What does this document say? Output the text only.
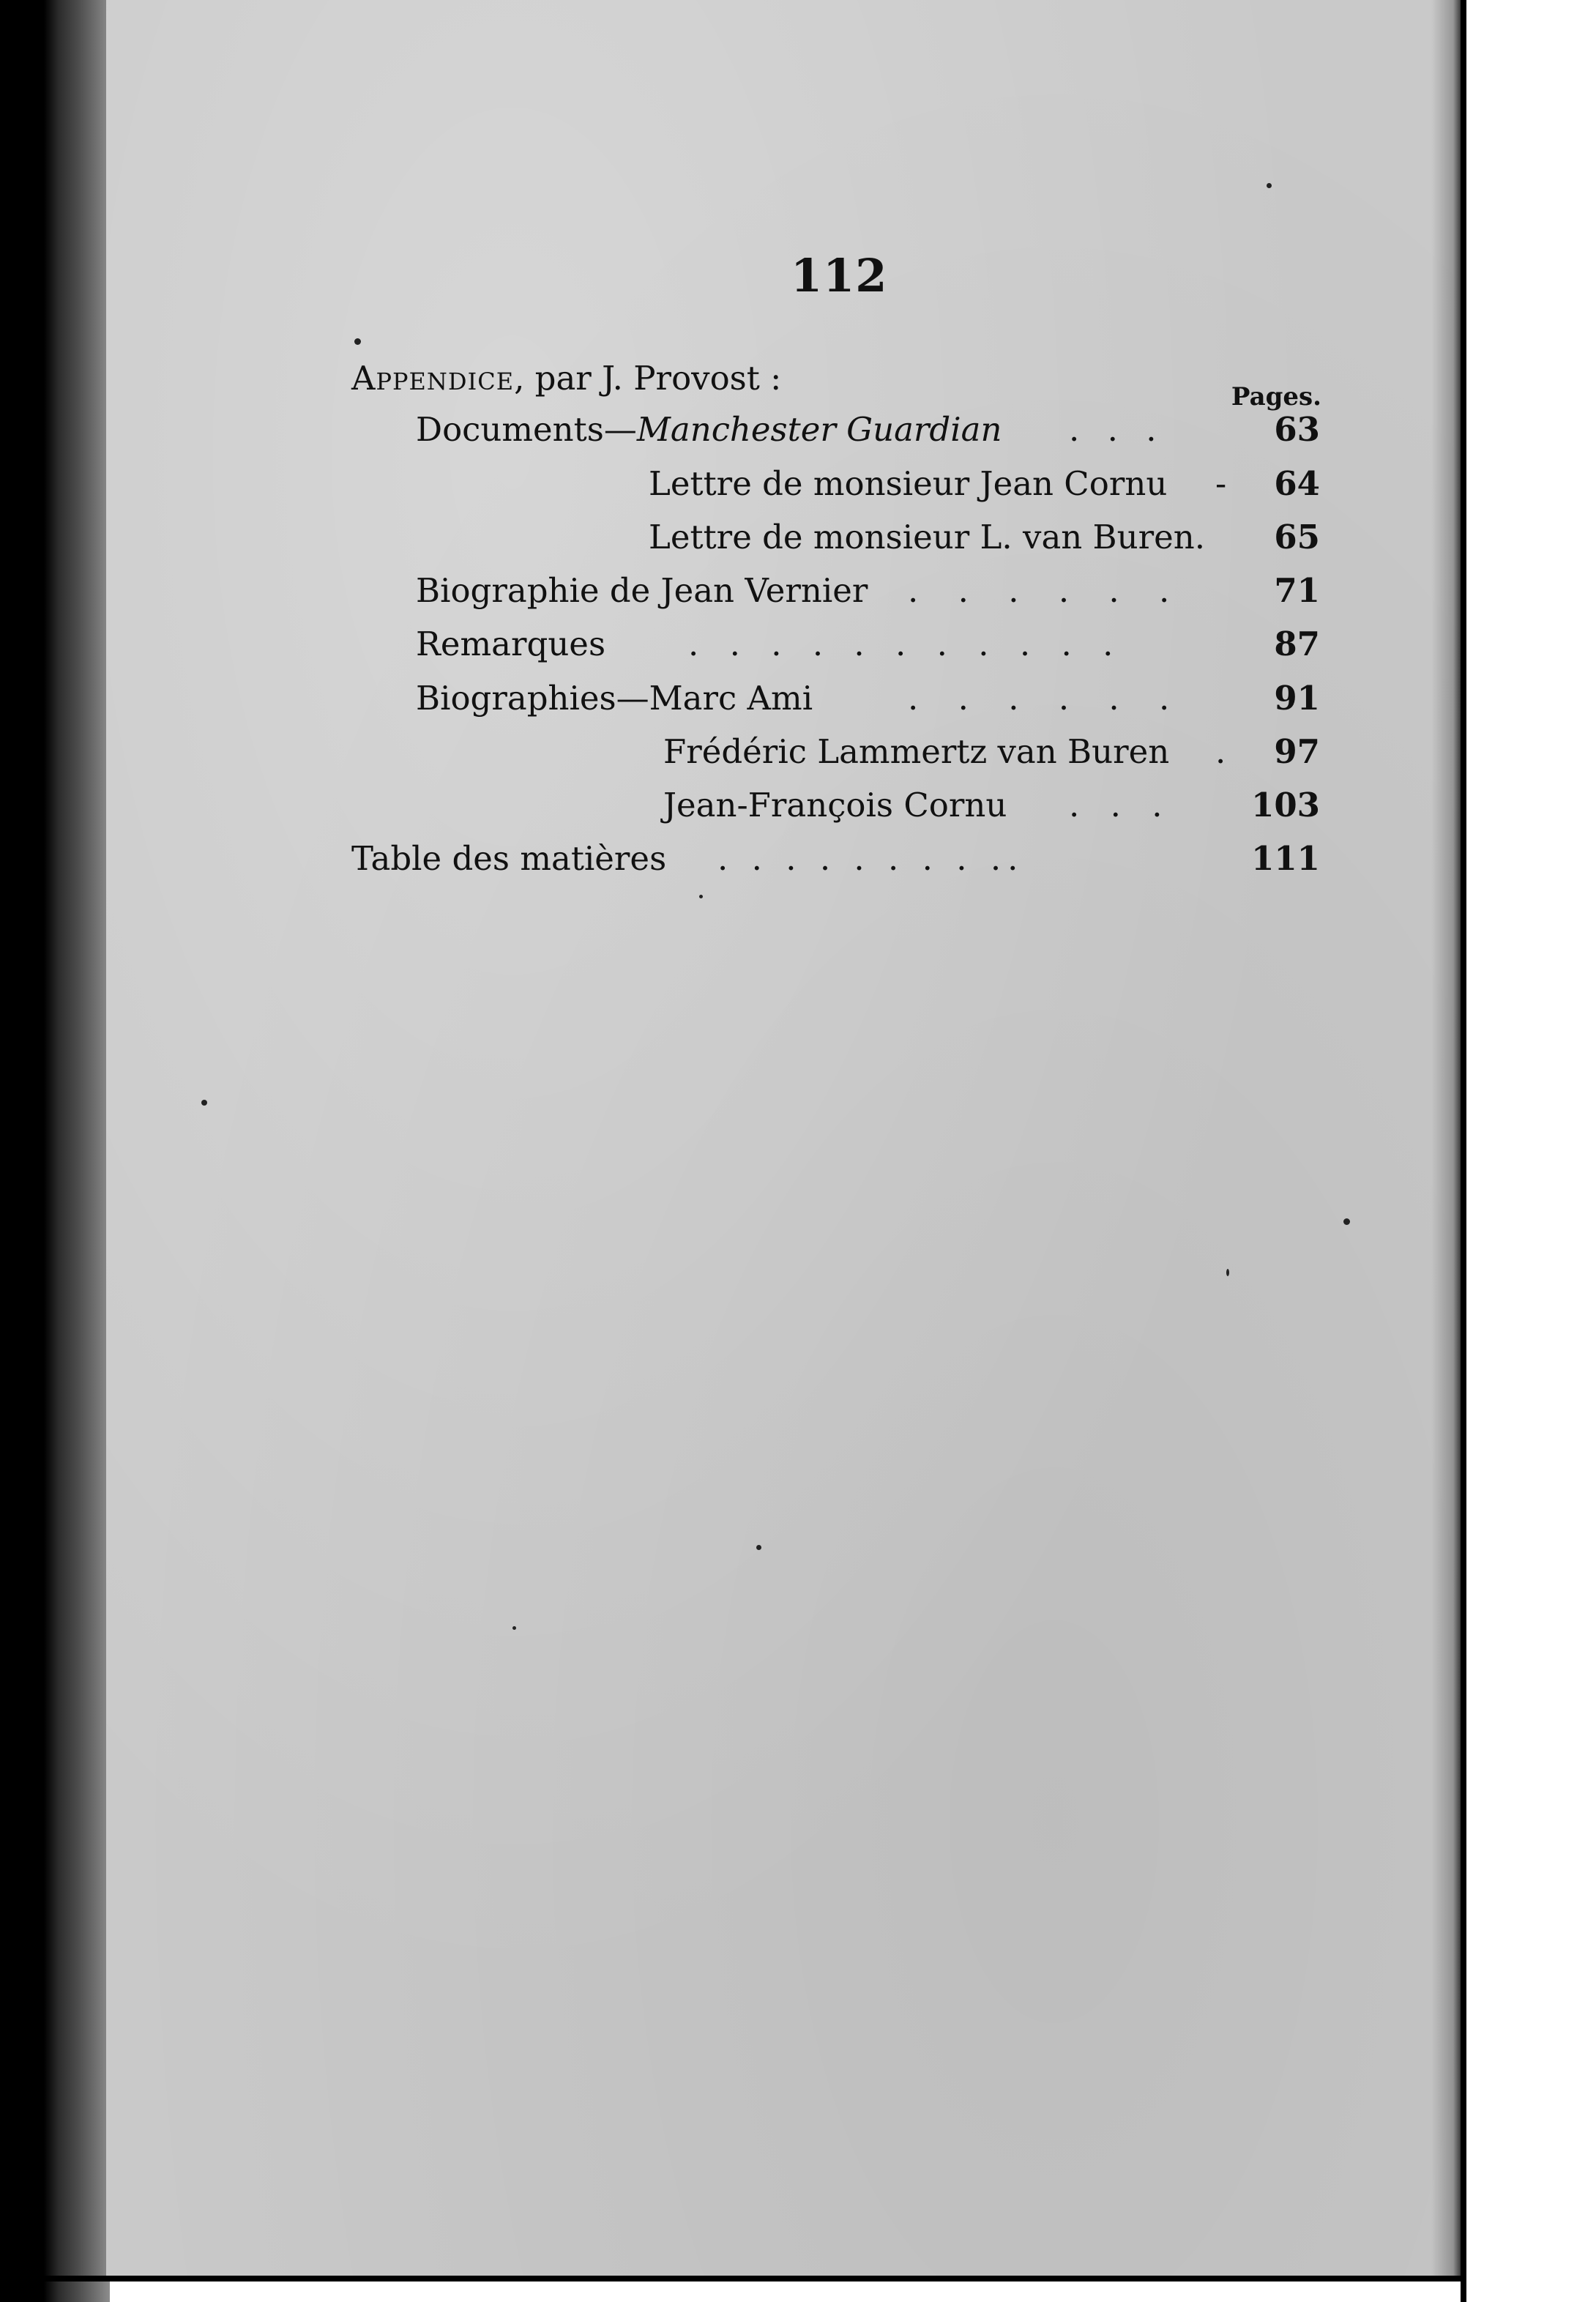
112
Appendice, par J. Provost :	Pages.
Documents—Manchester Guardian . . .	63
Lettre de monsieur Jean Cornu - 64
Lettre de monsieur L. van Buren.	65
Biographie de Jean Vernier . . . . . .	71
Remarques	. . . . . . . . . . .	87
Biographies—Marc Ami	. . . . . .	91
Frédéric Lammertz van Buren . 97
Jean-François Cornu . . .	103
Table des matières . . . . . . . . ..	111
